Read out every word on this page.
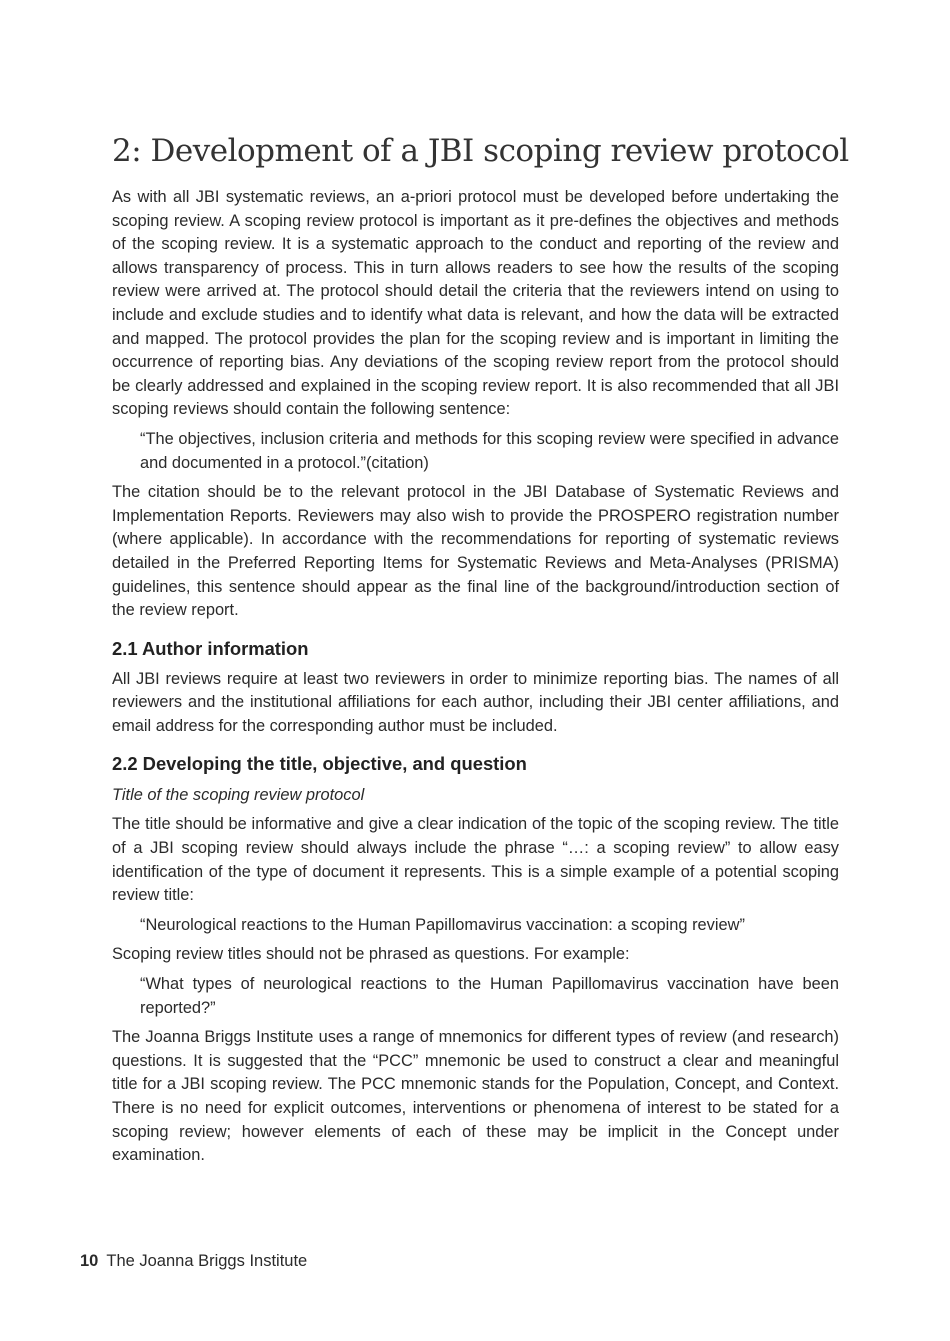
2: Development of a JBI scoping review protocol

As with all JBI systematic reviews, an a-priori protocol must be developed before undertaking the scoping review. A scoping review protocol is important as it pre-defines the objectives and methods of the scoping review. It is a systematic approach to the conduct and reporting of the review and allows transparency of process. This in turn allows readers to see how the results of the scoping review were arrived at. The protocol should detail the criteria that the reviewers intend on using to include and exclude studies and to identify what data is relevant, and how the data will be extracted and mapped. The protocol provides the plan for the scoping review and is important in limiting the occurrence of reporting bias. Any deviations of the scoping review report from the protocol should be clearly addressed and explained in the scoping review report. It is also recommended that all JBI scoping reviews should contain the following sentence:

“The objectives, inclusion criteria and methods for this scoping review were specified in advance and documented in a protocol.”(citation)

The citation should be to the relevant protocol in the JBI Database of Systematic Reviews and Implementation Reports. Reviewers may also wish to provide the PROSPERO registration number (where applicable). In accordance with the recommendations for reporting of systematic reviews detailed in the Preferred Reporting Items for Systematic Reviews and Meta-Analyses (PRISMA) guidelines, this sentence should appear as the final line of the background/introduction section of the review report.

2.1 Author information

All JBI reviews require at least two reviewers in order to minimize reporting bias. The names of all reviewers and the institutional affiliations for each author, including their JBI center affiliations, and email address for the corresponding author must be included.

2.2 Developing the title, objective, and question
Title of the scoping review protocol

The title should be informative and give a clear indication of the topic of the scoping review. The title of a JBI scoping review should always include the phrase “…: a scoping review” to allow easy identification of the type of document it represents. This is a simple example of a potential scoping review title:

“Neurological reactions to the Human Papillomavirus vaccination: a scoping review”

Scoping review titles should not be phrased as questions. For example:

“What types of neurological reactions to the Human Papillomavirus vaccination have been reported?”

The Joanna Briggs Institute uses a range of mnemonics for different types of review (and research) questions. It is suggested that the “PCC” mnemonic be used to construct a clear and meaningful title for a JBI scoping review. The PCC mnemonic stands for the Population, Concept, and Context. There is no need for explicit outcomes, interventions or phenomena of interest to be stated for a scoping review; however elements of each of these may be implicit in the Concept under examination.

10 The Joanna Briggs Institute
